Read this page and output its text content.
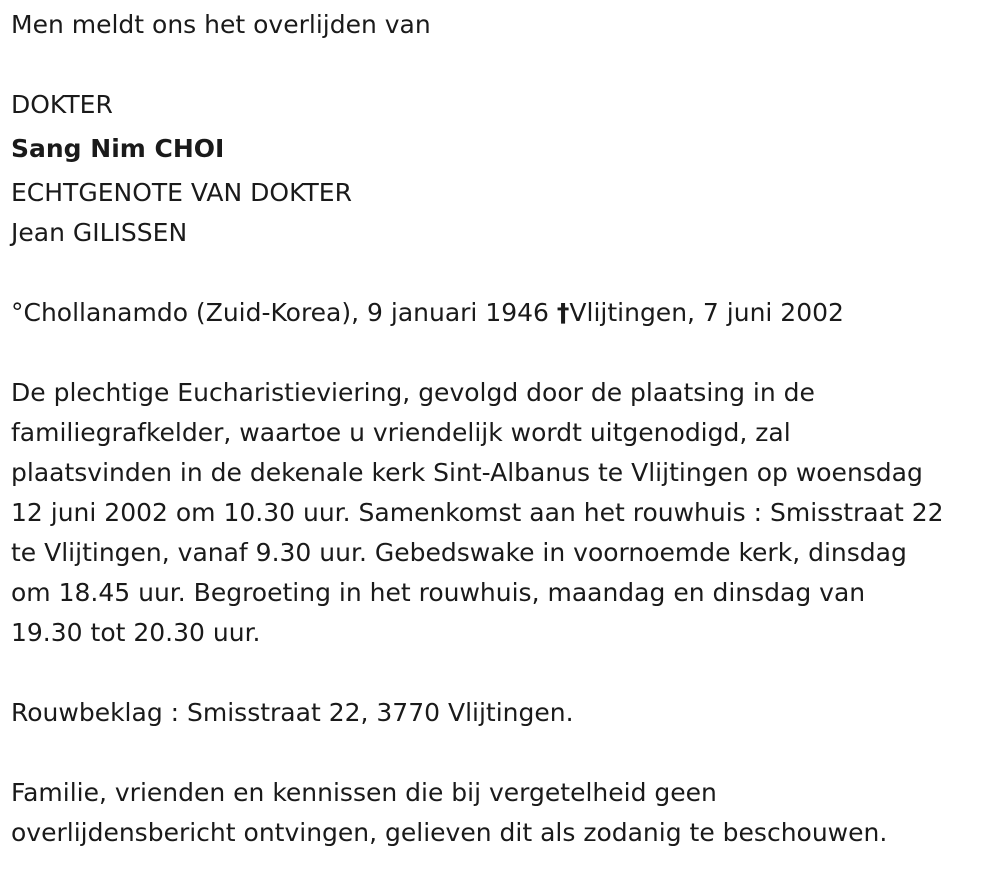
Men meldt ons het overlijden van

DOKTER

Sang Nim CHOI

ECHTGENOTE VAN DOKTER

Jean GILISSEN

°Chollanamdo (Zuid-Korea), 9 januari 1946 †Vlijtingen, 7 juni 2002

De plechtige Eucharistieviering, gevolgd door de plaatsing in de

familiegrafkelder, waartoe u vriendelijk wordt uitgenodigd, zal

plaatsvinden in de dekenale kerk Sint-Albanus te Vlijtingen op woensdag

12 juni 2002 om 10.30 uur. Samenkomst aan het rouwhuis : Smisstraat 22

te Vlijtingen, vanaf 9.30 uur. Gebedswake in voornoemde kerk, dinsdag

om 18.45 uur. Begroeting in het rouwhuis, maandag en dinsdag van

19.30 tot 20.30 uur.

Rouwbeklag : Smisstraat 22, 3770 Vlijtingen.

Familie, vrienden en kennissen die bij vergetelheid geen

overlijdensbericht ontvingen, gelieven dit als zodanig te beschouwen.
